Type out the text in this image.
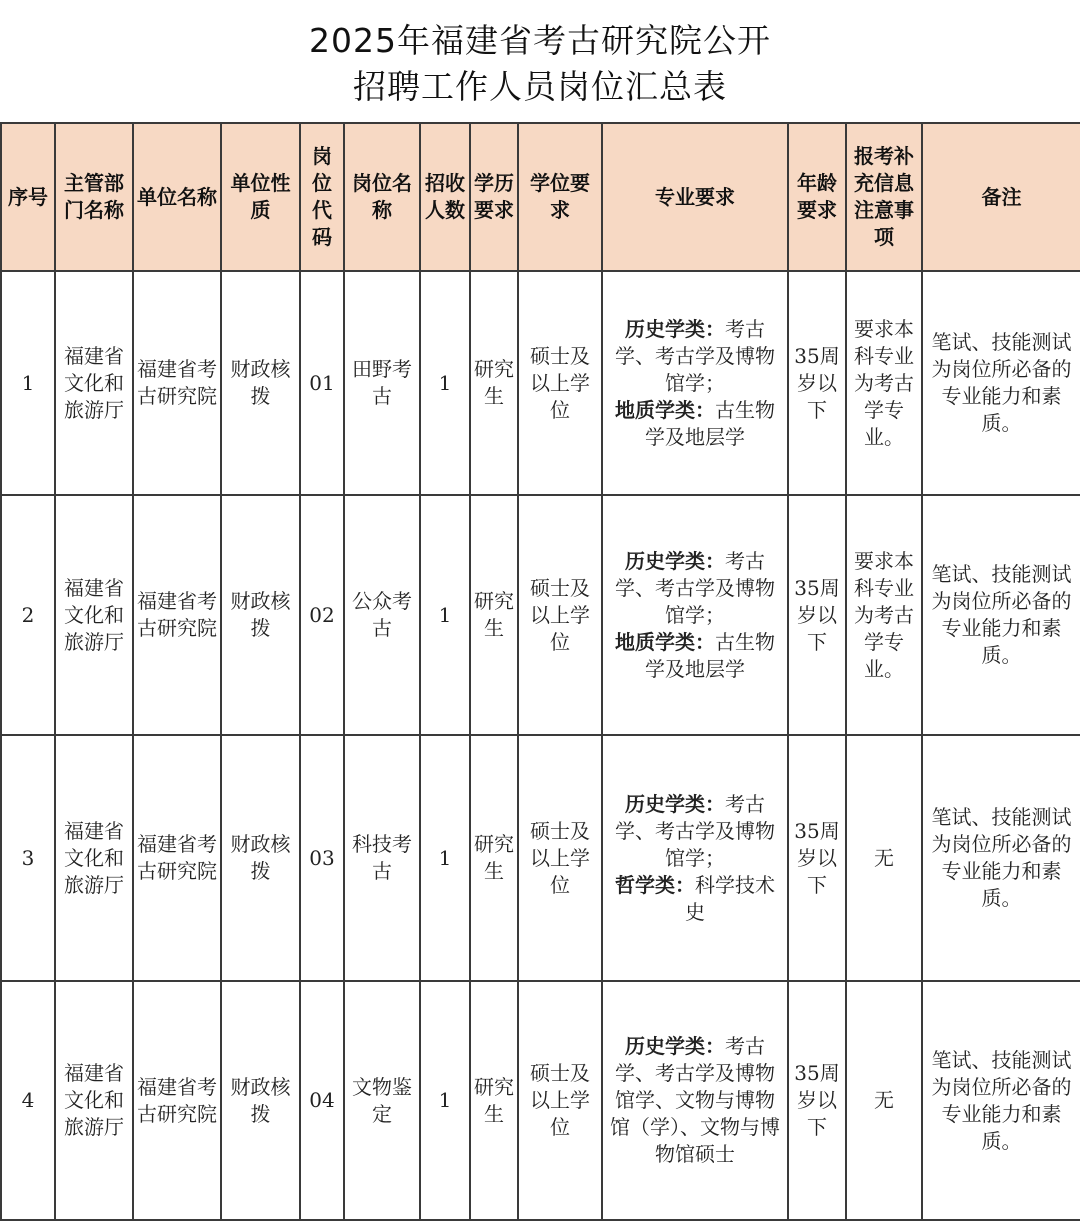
2025年福建省考古研究院公开
招聘工作人员岗位汇总表
序号	主管部门名称	单位名称	单位性质	岗位代码	岗位名称	招收人数	学历要求	学位要求	专业要求	年龄要求	报考补充信息注意事项	备注
1	福建省文化和旅游厅	福建省考古研究院	财政核拨	01	田野考古	1	研究生	硕士及以上学位	历史学类：考古学、考古学及博物馆学；
地质学类：古生物学及地层学	35周岁以下	要求本科专业为考古学专业。	笔试、技能测试为岗位所必备的专业能力和素质。
2	福建省文化和旅游厅	福建省考古研究院	财政核拨	02	公众考古	1	研究生	硕士及以上学位	历史学类：考古学、考古学及博物馆学；
地质学类：古生物学及地层学	35周岁以下	要求本科专业为考古学专业。	笔试、技能测试为岗位所必备的专业能力和素质。
3	福建省文化和旅游厅	福建省考古研究院	财政核拨	03	科技考古	1	研究生	硕士及以上学位	历史学类：考古学、考古学及博物馆学；
哲学类：科学技术史	35周岁以下	无	笔试、技能测试为岗位所必备的专业能力和素质。
4	福建省文化和旅游厅	福建省考古研究院	财政核拨	04	文物鉴定	1	研究生	硕士及以上学位	历史学类：考古学、考古学及博物馆学、文物与博物馆（学）、文物与博物馆硕士	35周岁以下	无	笔试、技能测试为岗位所必备的专业能力和素质。
